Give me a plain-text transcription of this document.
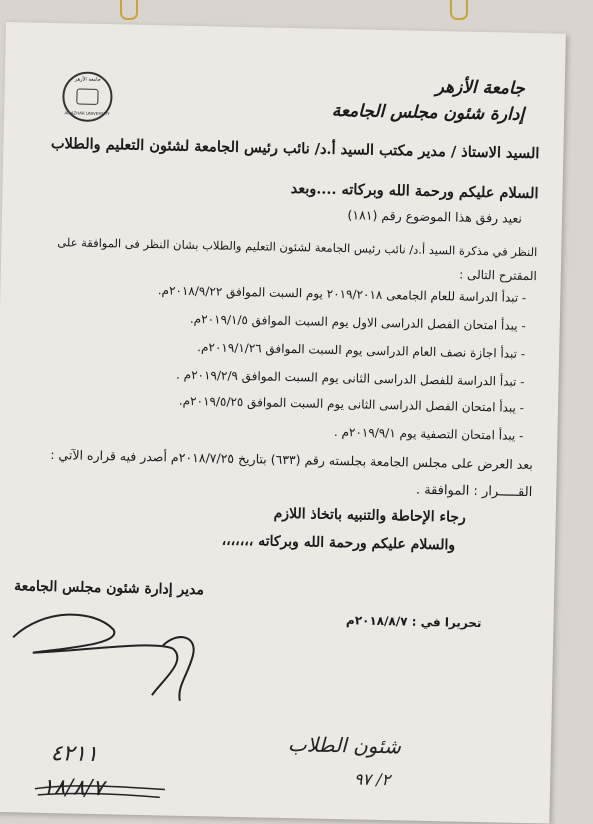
جامعة الأزهر
AL-AZHAR UNIVERSITY
جامعة الأزهر
إدارة شئون مجلس الجامعة
السيد الاستاذ / مدير مكتب السيد أ.د/ نائب رئيس الجامعة لشئون التعليم والطلاب
السلام عليكم ورحمة الله وبركاته ....وبعد
نعيد رفق هذا الموضوع رقم (١٨١)
النظر في مذكرة السيد أ.د/ نائب رئيس الجامعة لشئون التعليم والطلاب بشان النظر فى الموافقة على
المقترح التالى :
- تبدأ الدراسة للعام الجامعى ٢٠١٩/٢٠١٨ يوم السبت الموافق ٢٠١٨/٩/٢٢م.
- يبدأ امتحان الفصل الدراسى الاول يوم السبت الموافق ٢٠١٩/١/٥م.
- تبدأ اجازة نصف العام الدراسى يوم السبت الموافق ٢٠١٩/١/٢٦م.
- تبدأ الدراسة للفصل الدراسى الثانى يوم السبت الموافق ٢٠١٩/٢/٩م .
- يبدأ امتحان الفصل الدراسى الثانى يوم السبت الموافق ٢٠١٩/٥/٢٥م.
- يبدأ امتحان التصفية يوم ٢٠١٩/٩/١م .
بعد العرض على مجلس الجامعة بجلسته رقم (٦٣٣) بتاريخ ٢٠١٨/٧/٢٥م أصدر فيه قراره الآتي :
القـــــرار : الموافقة .
رجاء الإحاطة والتنبيه باتخاذ اللازم
والسلام عليكم ورحمة الله وبركاته ،،،،،،،
مدير إدارة شئون مجلس الجامعة
تحريرا في : ٢٠١٨/٨/٧م
٤٢١١
١٨/٨/٧
شئون الطلاب
٢/ ٩٧
